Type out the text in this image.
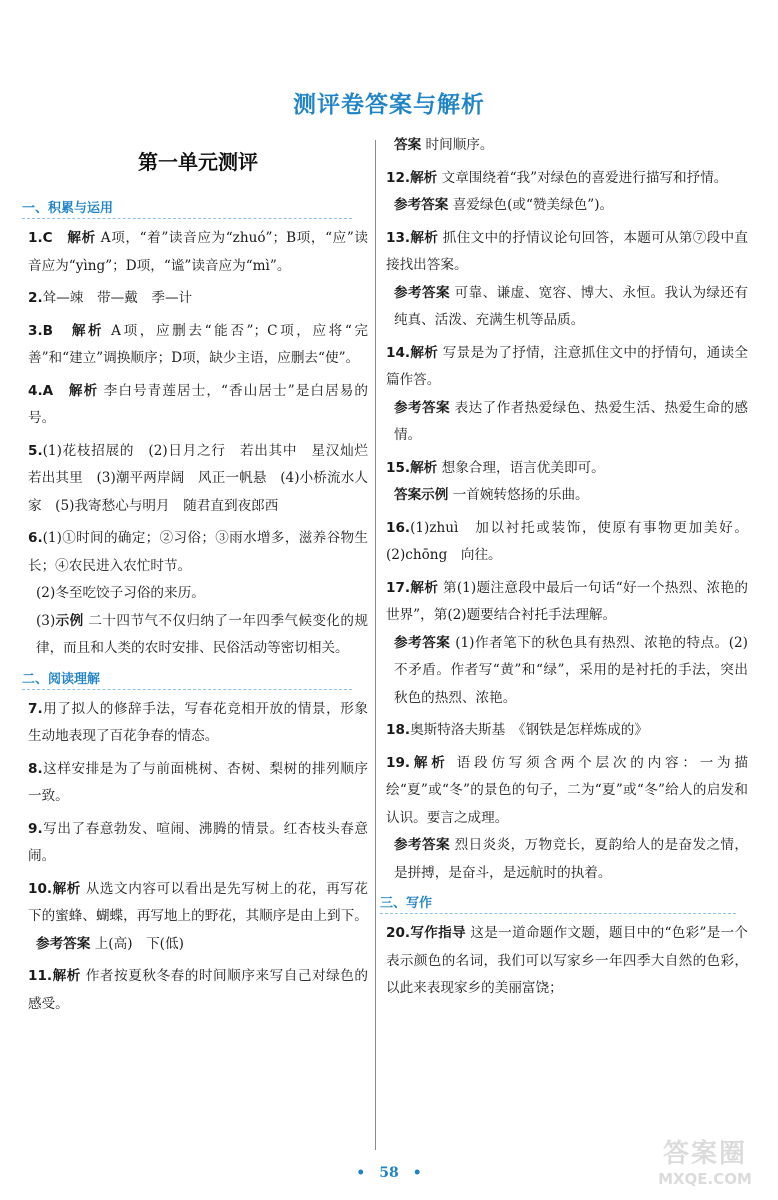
测评卷答案与解析
第一单元测评
一、积累与运用
1.C　 解析 A项，“着”读音应为“zhuó”；B项，“应”读音应为“yìng”；D项，“谧”读音应为“mì”。
2.耸—竦　带—戴　季—计
3.B　 解析 A项，应删去“能否”；C项，应将“完善”和“建立”调换顺序；D项，缺少主语，应删去“使”。
4.A　 解析 李白号青莲居士，“香山居士”是白居易的号。
5.(1)花枝招展的　(2)日月之行　若出其中　星汉灿烂　若出其里　(3)潮平两岸阔　风正一帆悬　(4)小桥流水人家　(5)我寄愁心与明月　随君直到夜郎西
6.(1)①时间的确定；②习俗；③雨水增多，滋养谷物生长；④农民进入农忙时节。
(2)冬至吃饺子习俗的来历。
(3)示例 二十四节气不仅归纳了一年四季气候变化的规律，而且和人类的农时安排、民俗活动等密切相关。
二、阅读理解
7.用了拟人的修辞手法，写春花竞相开放的情景，形象生动地表现了百花争春的情态。
8.这样安排是为了与前面桃树、杏树、梨树的排列顺序一致。
9.写出了春意勃发、喧闹、沸腾的情景。红杏枝头春意闹。
10.解析 从选文内容可以看出是先写树上的花，再写花下的蜜蜂、蝴蝶，再写地上的野花，其顺序是由上到下。
参考答案 上(高)　下(低)
11.解析 作者按夏秋冬春的时间顺序来写自己对绿色的感受。
答案 时间顺序。
12.解析 文章围绕着“我”对绿色的喜爱进行描写和抒情。
参考答案 喜爱绿色(或“赞美绿色”)。
13.解析 抓住文中的抒情议论句回答，本题可从第⑦段中直接找出答案。
参考答案 可靠、谦虚、宽容、博大、永恒。我认为绿还有纯真、活泼、充满生机等品质。
14.解析 写景是为了抒情，注意抓住文中的抒情句，通读全篇作答。
参考答案 表达了作者热爱绿色、热爱生活、热爱生命的感情。
15.解析 想象合理，语言优美即可。
答案示例 一首婉转悠扬的乐曲。
16.(1)zhuì　加以衬托或装饰，使原有事物更加美好。(2)chōng　向往。
17.解析 第(1)题注意段中最后一句话“好一个热烈、浓艳的世界”，第(2)题要结合衬托手法理解。
参考答案 (1)作者笔下的秋色具有热烈、浓艳的特点。(2)不矛盾。作者写“黄”和“绿”，采用的是衬托的手法，突出秋色的热烈、浓艳。
18.奥斯特洛夫斯基　《钢铁是怎样炼成的》
19.解析 语段仿写须含两个层次的内容：一为描绘“夏”或“冬”的景色的句子，二为“夏”或“冬”给人的启发和认识。要言之成理。
参考答案 烈日炎炎，万物竞长，夏韵给人的是奋发之情，是拼搏，是奋斗，是远航时的执着。
三、写作
20.写作指导 这是一道命题作文题，题目中的“色彩”是一个表示颜色的名词，我们可以写家乡一年四季大自然的色彩，以此来表现家乡的美丽富饶；
•　58　•
答案圈
MXQE.COM
